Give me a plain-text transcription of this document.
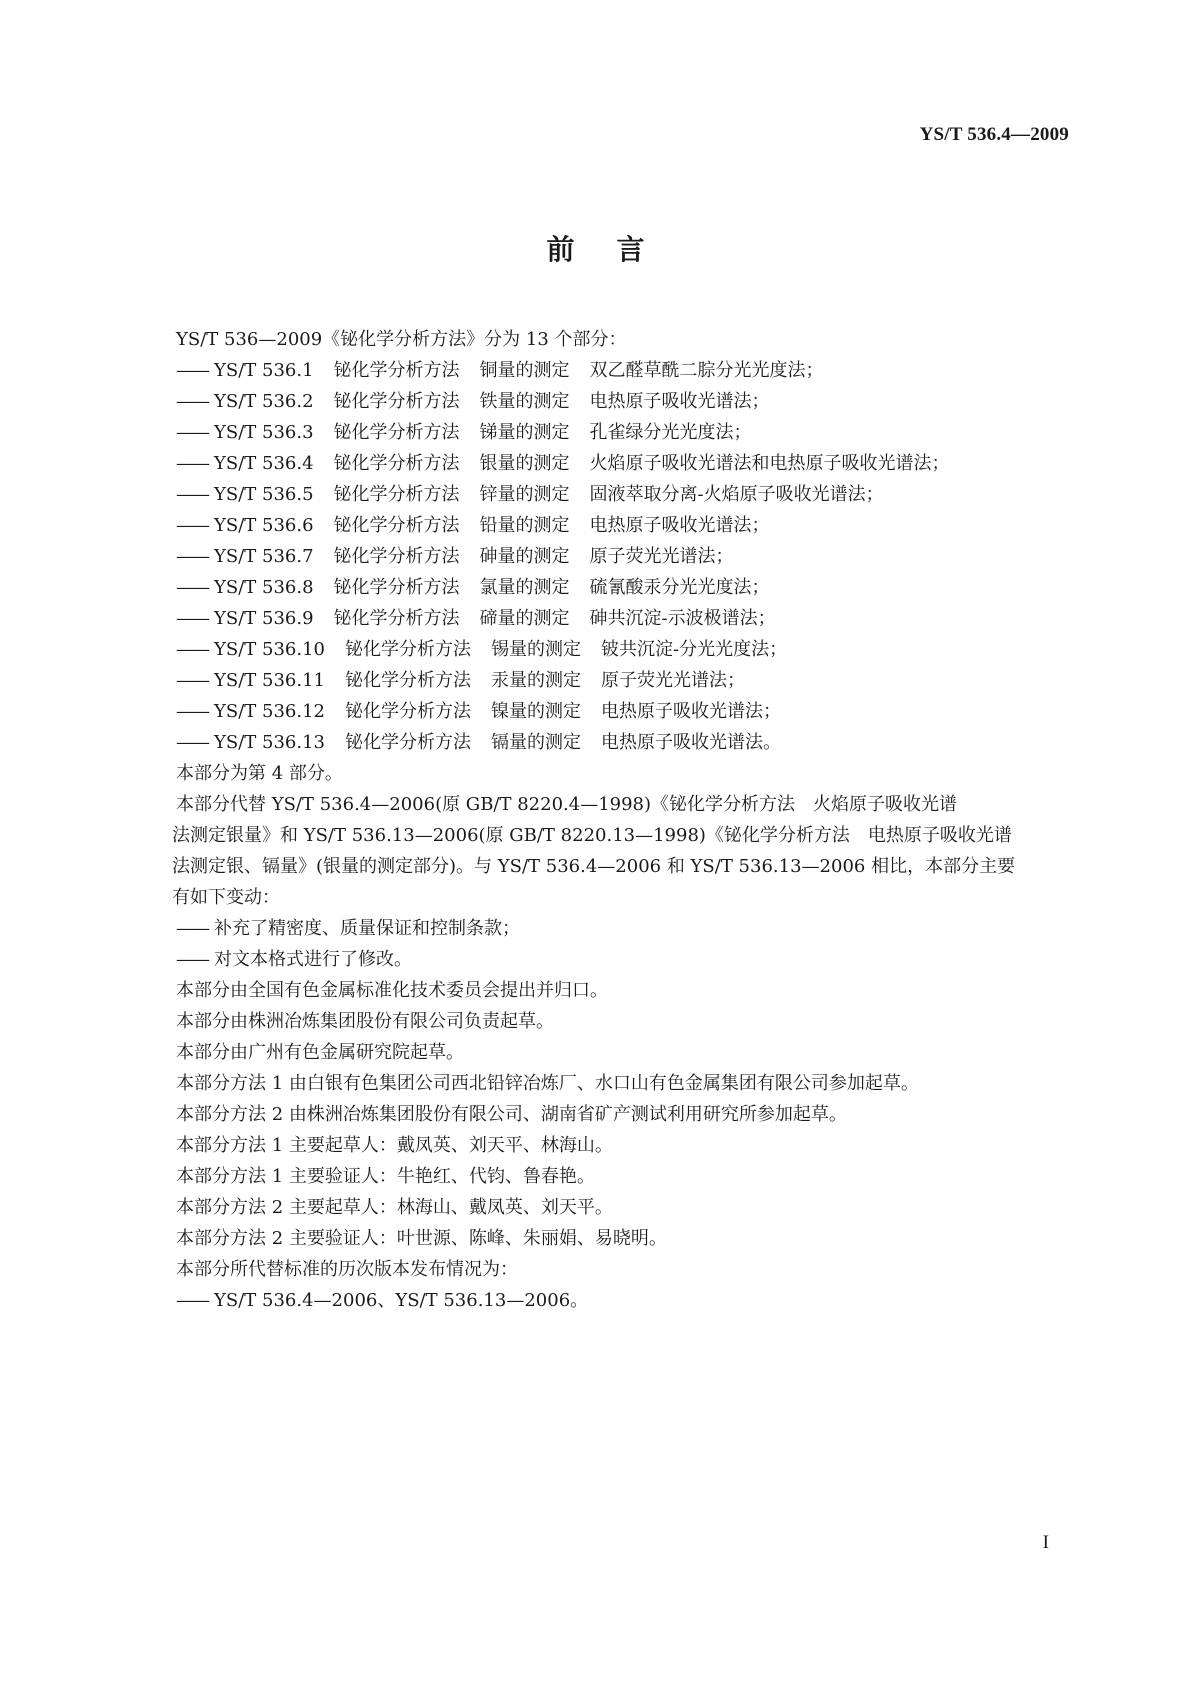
YS/T 536.4—2009
前言
YS/T 536—2009《铋化学分析方法》分为 13 个部分：
—— YS/T 536.1 铋化学分析方法 铜量的测定 双乙醛草酰二腙分光光度法；
—— YS/T 536.2 铋化学分析方法 铁量的测定 电热原子吸收光谱法；
—— YS/T 536.3 铋化学分析方法 锑量的测定 孔雀绿分光光度法；
—— YS/T 536.4 铋化学分析方法 银量的测定 火焰原子吸收光谱法和电热原子吸收光谱法；
—— YS/T 536.5 铋化学分析方法 锌量的测定 固液萃取分离-火焰原子吸收光谱法；
—— YS/T 536.6 铋化学分析方法 铅量的测定 电热原子吸收光谱法；
—— YS/T 536.7 铋化学分析方法 砷量的测定 原子荧光光谱法；
—— YS/T 536.8 铋化学分析方法 氯量的测定 硫氰酸汞分光光度法；
—— YS/T 536.9 铋化学分析方法 碲量的测定 砷共沉淀-示波极谱法；
—— YS/T 536.10 铋化学分析方法 锡量的测定 铍共沉淀-分光光度法；
—— YS/T 536.11 铋化学分析方法 汞量的测定 原子荧光光谱法；
—— YS/T 536.12 铋化学分析方法 镍量的测定 电热原子吸收光谱法；
—— YS/T 536.13 铋化学分析方法 镉量的测定 电热原子吸收光谱法。
本部分为第 4 部分。
本部分代替 YS/T 536.4—2006(原 GB/T 8220.4—1998)《铋化学分析方法　火焰原子吸收光谱
法测定银量》和 YS/T 536.13—2006(原 GB/T 8220.13—1998)《铋化学分析方法　电热原子吸收光谱
法测定银、镉量》(银量的测定部分)。与 YS/T 536.4—2006 和 YS/T 536.13—2006 相比，本部分主要
有如下变动：
—— 补充了精密度、质量保证和控制条款；
—— 对文本格式进行了修改。
本部分由全国有色金属标准化技术委员会提出并归口。
本部分由株洲冶炼集团股份有限公司负责起草。
本部分由广州有色金属研究院起草。
本部分方法 1 由白银有色集团公司西北铅锌冶炼厂、水口山有色金属集团有限公司参加起草。
本部分方法 2 由株洲冶炼集团股份有限公司、湖南省矿产测试利用研究所参加起草。
本部分方法 1 主要起草人：戴凤英、刘天平、林海山。
本部分方法 1 主要验证人：牛艳红、代钧、鲁春艳。
本部分方法 2 主要起草人：林海山、戴凤英、刘天平。
本部分方法 2 主要验证人：叶世源、陈峰、朱丽娟、易晓明。
本部分所代替标准的历次版本发布情况为：
—— YS/T 536.4—2006、YS/T 536.13—2006。
I
